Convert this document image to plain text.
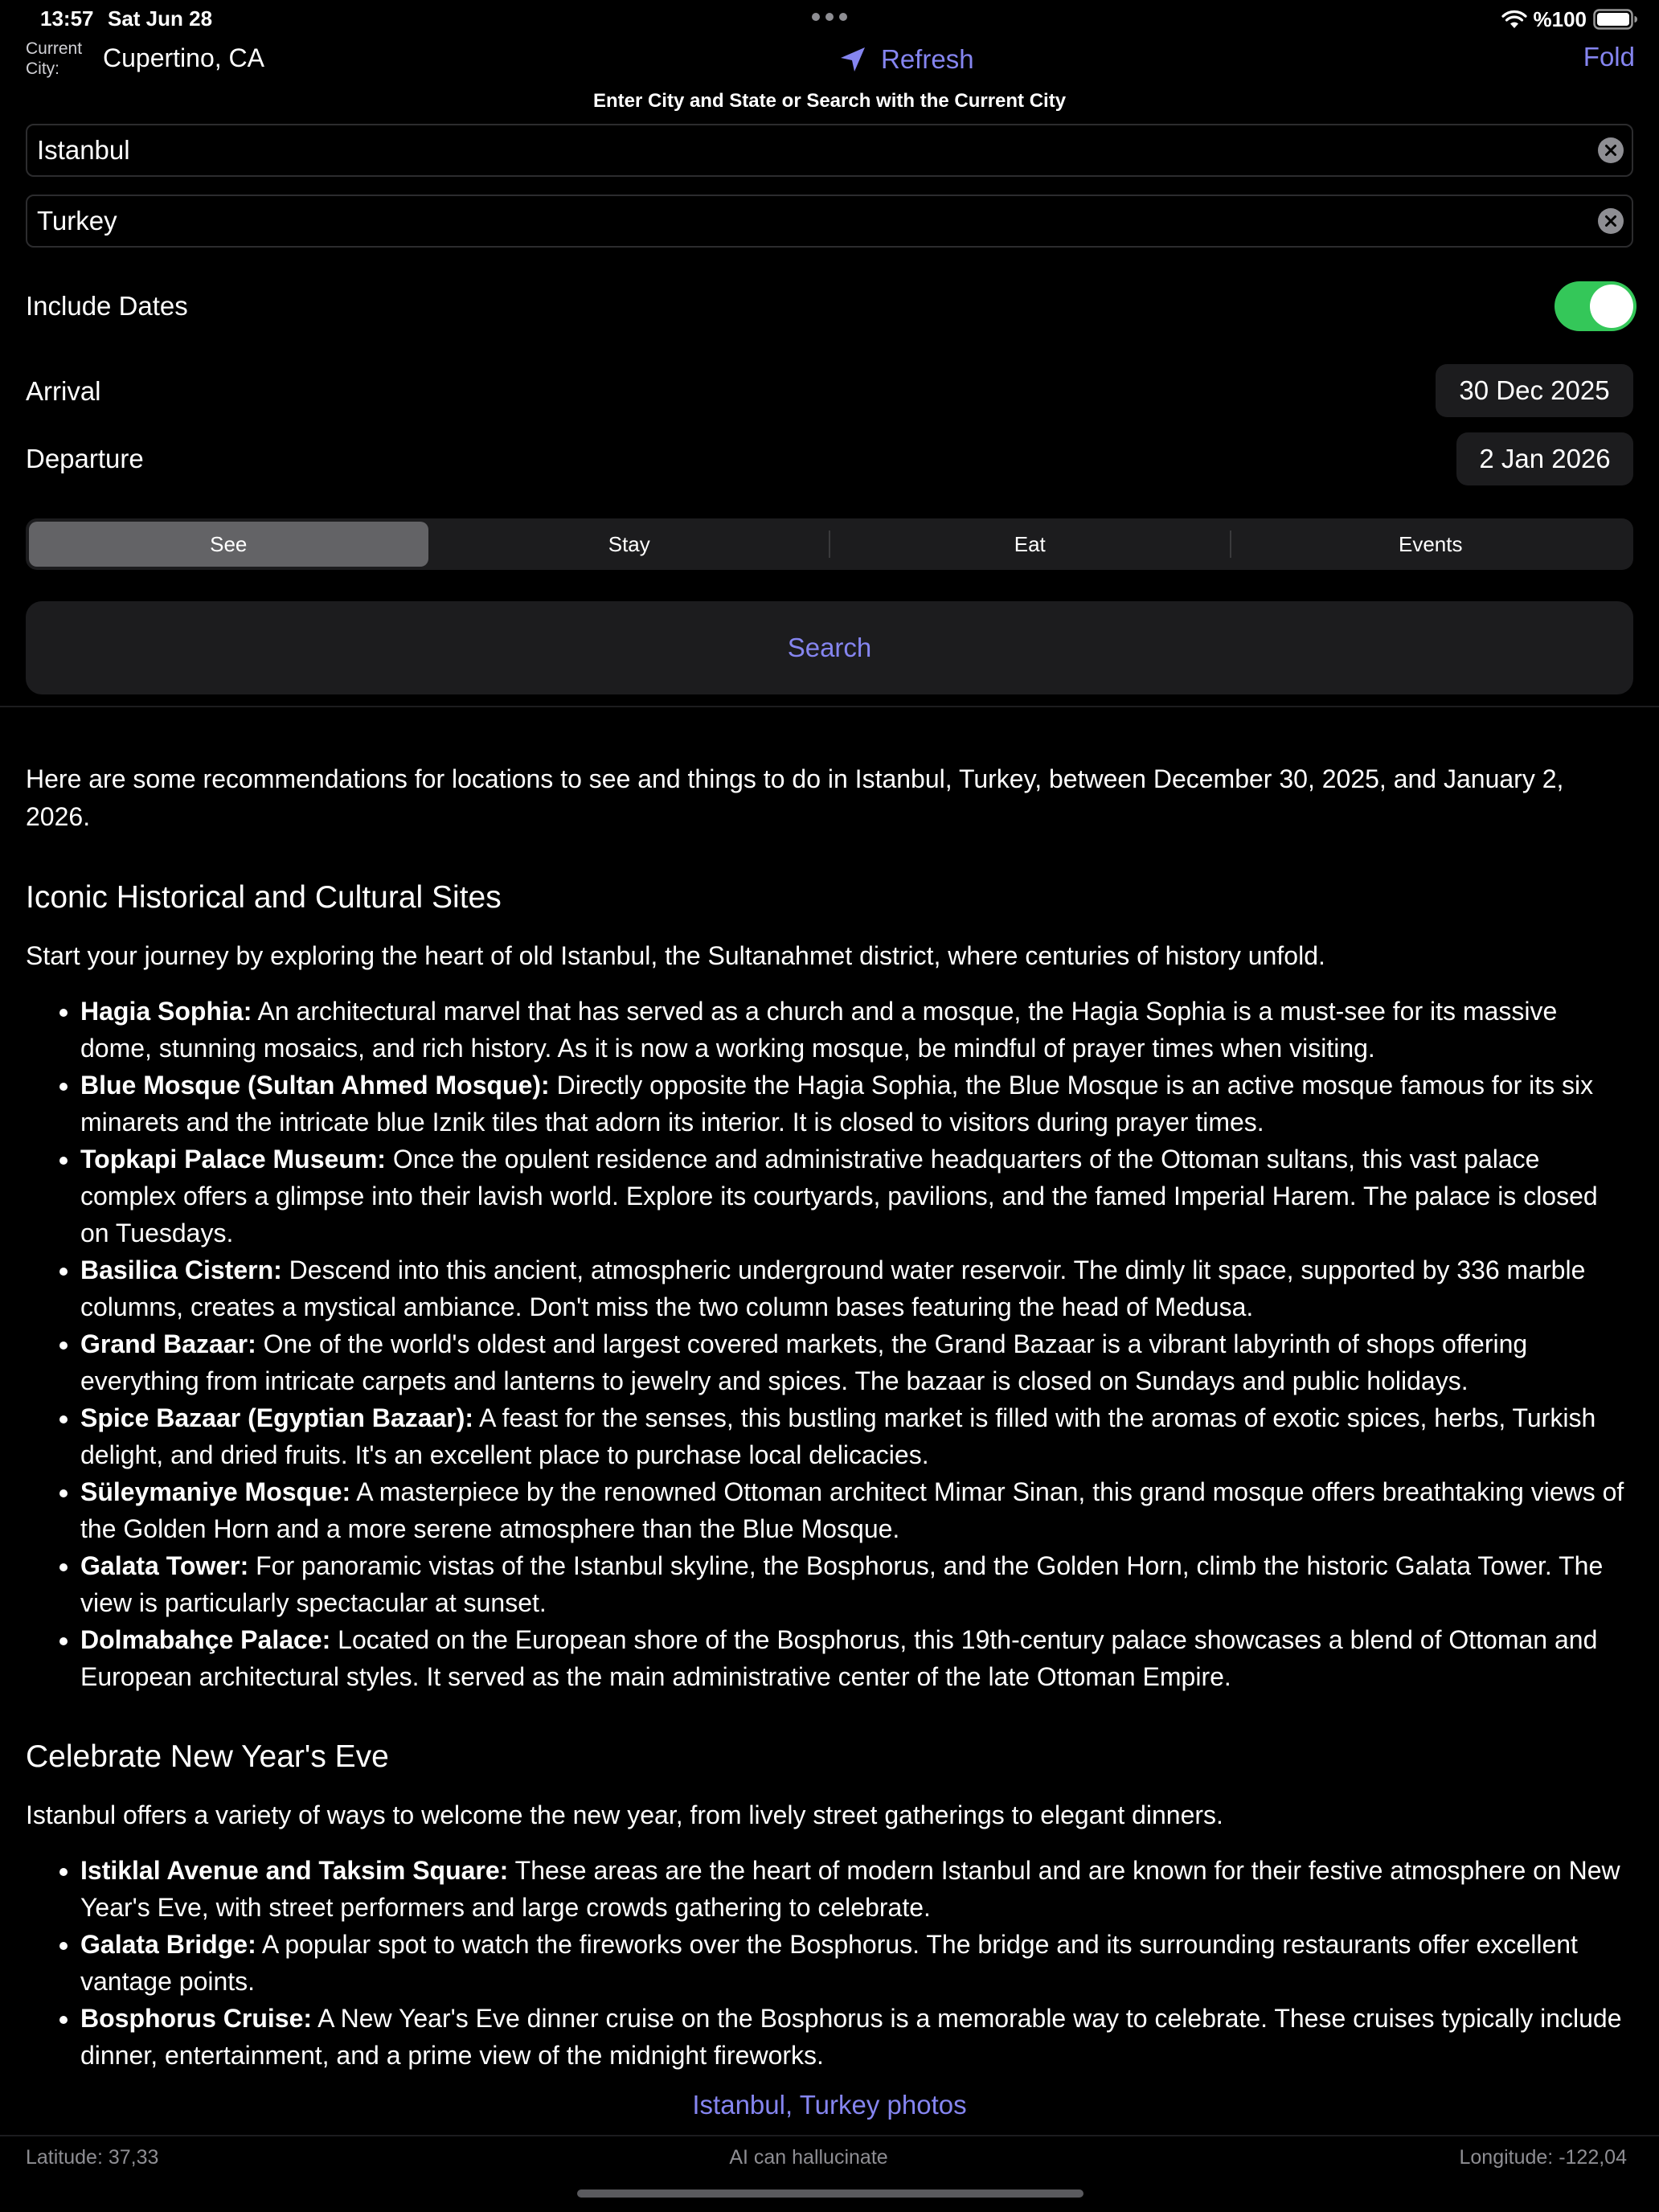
13:57 Sat Jun 28	%100
Current City:	Cupertino, CA	Refresh	Fold
Enter City and State or Search with the Current City
Istanbul
Turkey
Include Dates
Arrival	30 Dec 2025
Departure	2 Jan 2026
See	Stay	Eat	Events
Search

Here are some recommendations for locations to see and things to do in Istanbul, Turkey, between December 30, 2025, and January 2, 2026.

Iconic Historical and Cultural Sites

Start your journey by exploring the heart of old Istanbul, the Sultanahmet district, where centuries of history unfold.

• Hagia Sophia: An architectural marvel that has served as a church and a mosque, the Hagia Sophia is a must-see for its massive dome, stunning mosaics, and rich history. As it is now a working mosque, be mindful of prayer times when visiting.
• Blue Mosque (Sultan Ahmed Mosque): Directly opposite the Hagia Sophia, the Blue Mosque is an active mosque famous for its six minarets and the intricate blue Iznik tiles that adorn its interior. It is closed to visitors during prayer times.
• Topkapi Palace Museum: Once the opulent residence and administrative headquarters of the Ottoman sultans, this vast palace complex offers a glimpse into their lavish world. Explore its courtyards, pavilions, and the famed Imperial Harem. The palace is closed on Tuesdays.
• Basilica Cistern: Descend into this ancient, atmospheric underground water reservoir. The dimly lit space, supported by 336 marble columns, creates a mystical ambiance. Don't miss the two column bases featuring the head of Medusa.
• Grand Bazaar: One of the world's oldest and largest covered markets, the Grand Bazaar is a vibrant labyrinth of shops offering everything from intricate carpets and lanterns to jewelry and spices. The bazaar is closed on Sundays and public holidays.
• Spice Bazaar (Egyptian Bazaar): A feast for the senses, this bustling market is filled with the aromas of exotic spices, herbs, Turkish delight, and dried fruits. It's an excellent place to purchase local delicacies.
• Süleymaniye Mosque: A masterpiece by the renowned Ottoman architect Mimar Sinan, this grand mosque offers breathtaking views of the Golden Horn and a more serene atmosphere than the Blue Mosque.
• Galata Tower: For panoramic vistas of the Istanbul skyline, the Bosphorus, and the Golden Horn, climb the historic Galata Tower. The view is particularly spectacular at sunset.
• Dolmabahçe Palace: Located on the European shore of the Bosphorus, this 19th-century palace showcases a blend of Ottoman and European architectural styles. It served as the main administrative center of the late Ottoman Empire.
Celebrate New Year's Eve

Istanbul offers a variety of ways to welcome the new year, from lively street gatherings to elegant dinners.

• Istiklal Avenue and Taksim Square: These areas are the heart of modern Istanbul and are known for their festive atmosphere on New Year's Eve, with street performers and large crowds gathering to celebrate.
• Galata Bridge: A popular spot to watch the fireworks over the Bosphorus. The bridge and its surrounding restaurants offer excellent vantage points.
• Bosphorus Cruise: A New Year's Eve dinner cruise on the Bosphorus is a memorable way to celebrate. These cruises typically include dinner, entertainment, and a prime view of the midnight fireworks.
Istanbul, Turkey photos
Latitude: 37,33	AI can hallucinate	Longitude: -122,04
